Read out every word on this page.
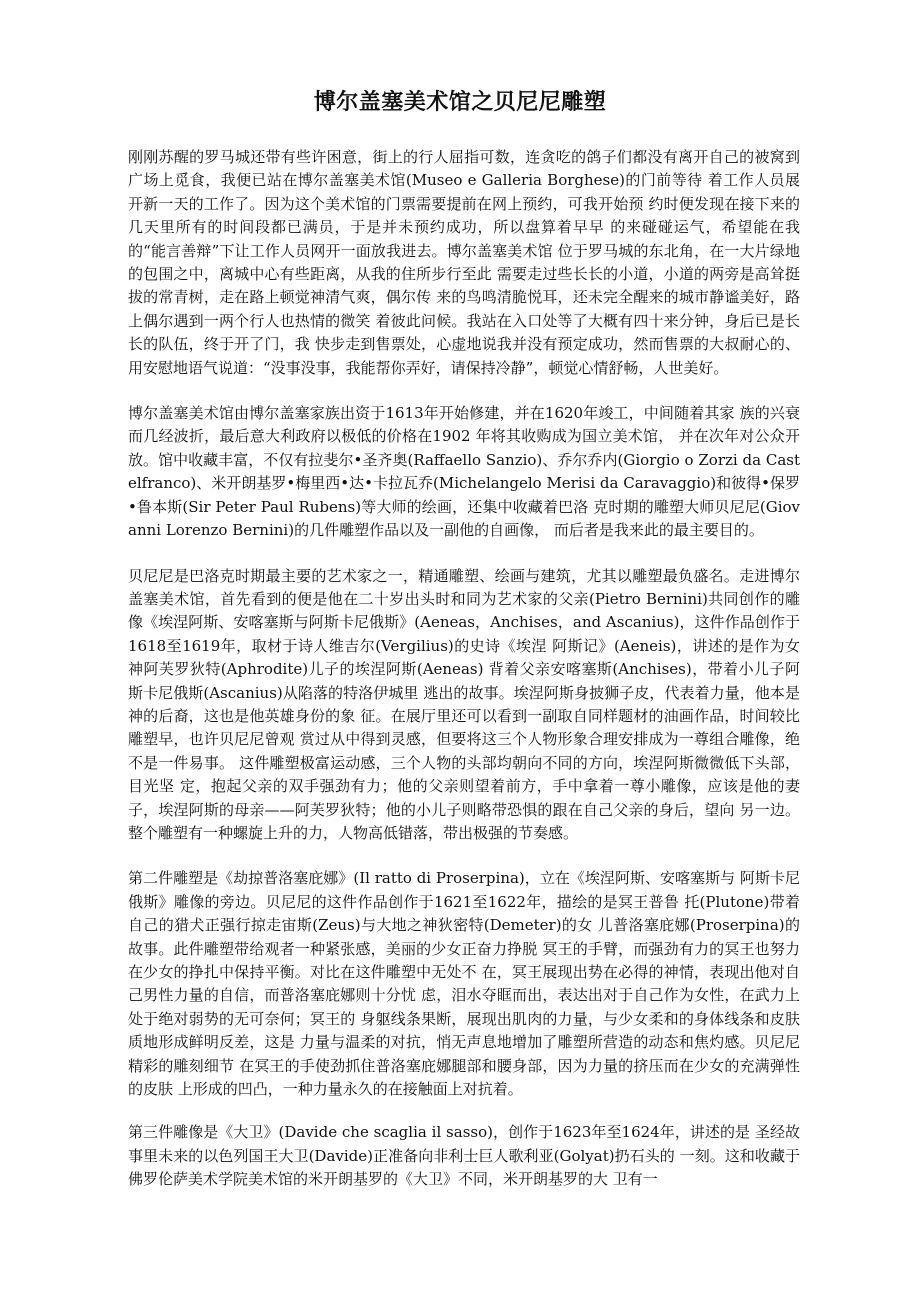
博尔盖塞美术馆之贝尼尼雕塑

刚刚苏醒的罗马城还带有些许困意，街上的行人屈指可数，连贪吃的鸽子们都没有离开自己的被窝到广场上觅食，我便已站在博尔盖塞美术馆(Museo e Galleria Borghese)的门前等待 着工作人员展开新一天的工作了。因为这个美术馆的门票需要提前在网上预约，可我开始预 约时便发现在接下来的几天里所有的时间段都已满员，于是并未预约成功，所以盘算着早早 的来碰碰运气，希望能在我的“能言善辩”下让工作人员网开一面放我进去。博尔盖塞美术馆 位于罗马城的东北角，在一大片绿地的包围之中，离城中心有些距离，从我的住所步行至此 需要走过些长长的小道，小道的两旁是高耸挺拔的常青树，走在路上顿觉神清气爽，偶尔传 来的鸟鸣清脆悦耳，还未完全醒来的城市静谧美好，路上偶尔遇到一两个行人也热情的微笑 着彼此问候。我站在入口处等了大概有四十来分钟，身后已是长长的队伍，终于开了门，我 快步走到售票处，心虚地说我并没有预定成功，然而售票的大叔耐心的、用安慰地语气说道：“没事没事，我能帮你弄好，请保持冷静”，顿觉心情舒畅，人世美好。

博尔盖塞美术馆由博尔盖塞家族出资于1613年开始修建，并在1620年竣工，中间随着其家 族的兴衰而几经波折，最后意大利政府以极低的价格在1902 年将其收购成为国立美术馆， 并在次年对公众开放。馆中收藏丰富，不仅有拉斐尔•圣齐奥(Raffaello Sanzio)、乔尔乔内(Giorgio o Zorzi da Castelfranco)、米开朗基罗•梅里西•达•卡拉瓦乔(Michelangelo Merisi da Caravaggio)和彼得•保罗•鲁本斯(Sir Peter Paul Rubens)等大师的绘画，还集中收藏着巴洛 克时期的雕塑大师贝尼尼(Giovanni Lorenzo Bernini)的几件雕塑作品以及一副他的自画像， 而后者是我来此的最主要目的。

贝尼尼是巴洛克时期最主要的艺术家之一，精通雕塑、绘画与建筑，尤其以雕塑最负盛名。走进博尔盖塞美术馆，首先看到的便是他在二十岁出头时和同为艺术家的父亲(Pietro Bernini)共同创作的雕像《埃涅阿斯、安喀塞斯与阿斯卡尼俄斯》(Aeneas，Anchises，and Ascanius)，这件作品创作于1618至1619年，取材于诗人维吉尔(Vergilius)的史诗《埃涅 阿斯记》(Aeneis)，讲述的是作为女神阿芙罗狄特(Aphrodite)儿子的埃涅阿斯(Aeneas) 背着父亲安喀塞斯(Anchises)，带着小儿子阿斯卡尼俄斯(Ascanius)从陷落的特洛伊城里 逃出的故事。埃涅阿斯身披狮子皮，代表着力量，他本是神的后裔，这也是他英雄身份的象 征。在展厅里还可以看到一副取自同样题材的油画作品，时间较比雕塑早，也许贝尼尼曾观 赏过从中得到灵感，但要将这三个人物形象合理安排成为一尊组合雕像，绝不是一件易事。 这件雕塑极富运动感，三个人物的头部均朝向不同的方向，埃涅阿斯微微低下头部，目光坚 定，抱起父亲的双手强劲有力；他的父亲则望着前方，手中拿着一尊小雕像，应该是他的妻 子，埃涅阿斯的母亲——阿芙罗狄特；他的小儿子则略带恐惧的跟在自己父亲的身后，望向 另一边。整个雕塑有一种螺旋上升的力，人物高低错落，带出极强的节奏感。

第二件雕塑是《劫掠普洛塞庇娜》(Il ratto di Proserpina)，立在《埃涅阿斯、安喀塞斯与 阿斯卡尼俄斯》雕像的旁边。贝尼尼的这件作品创作于1621至1622年，描绘的是冥王普鲁 托(Plutone)带着自己的猎犬正强行掠走宙斯(Zeus)与大地之神狄密特(Demeter)的女 儿普洛塞庇娜(Proserpina)的故事。此件雕塑带给观者一种紧张感，美丽的少女正奋力挣脱 冥王的手臂，而强劲有力的冥王也努力在少女的挣扎中保持平衡。对比在这件雕塑中无处不 在，冥王展现出势在必得的神情，表现出他对自己男性力量的自信，而普洛塞庇娜则十分忧 虑，泪水夺眶而出，表达出对于自己作为女性，在武力上处于绝对弱势的无可奈何；冥王的 身躯线条果断，展现出肌肉的力量，与少女柔和的身体线条和皮肤质地形成鲜明反差，这是 力量与温柔的对抗，悄无声息地增加了雕塑所营造的动态和焦灼感。贝尼尼精彩的雕刻细节 在冥王的手使劲抓住普洛塞庇娜腿部和腰身部，因为力量的挤压而在少女的充满弹性的皮肤 上形成的凹凸，一种力量永久的在接触面上对抗着。

第三件雕像是《大卫》(Davide che scaglia il sasso)，创作于1623年至1624年，讲述的是 圣经故事里未来的以色列国王大卫(Davide)正准备向非利士巨人歌利亚(Golyat)扔石头的 一刻。这和收藏于佛罗伦萨美术学院美术馆的米开朗基罗的《大卫》不同，米开朗基罗的大 卫有一
